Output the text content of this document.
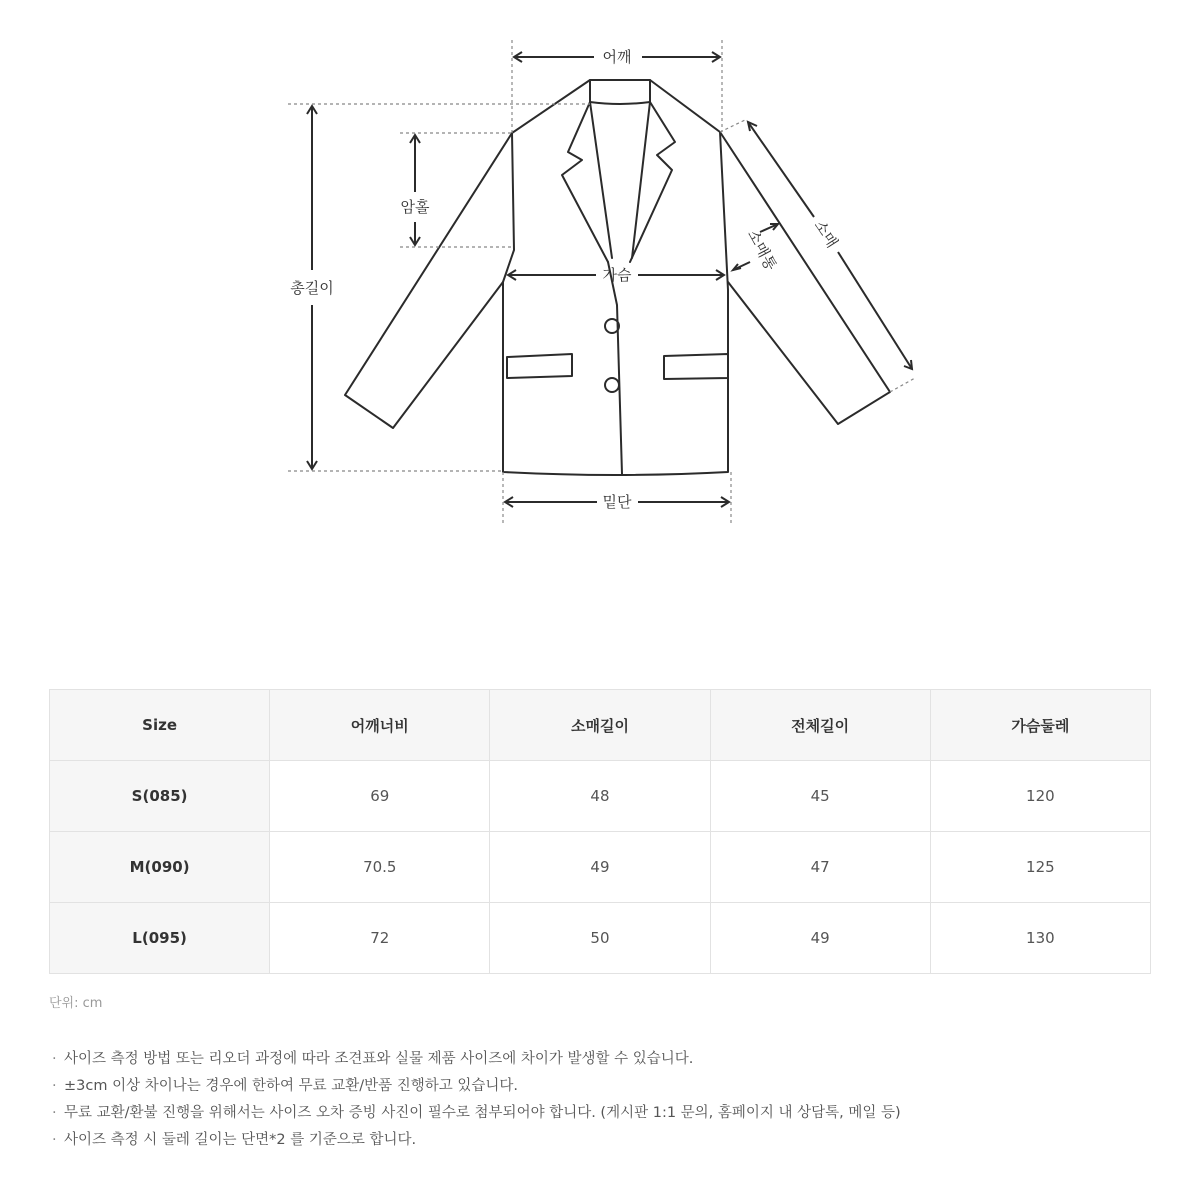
어깨
총길이
암홀
가슴
밑단
소매
소매통
Size	어깨너비	소매길이	전체길이	가슴둘레
S(085)	69	48	45	120
M(090)	70.5	49	47	125
L(095)	72	50	49	130
단위: cm
· 사이즈 측정 방법 또는 리오더 과정에 따라 조견표와 실물 제품 사이즈에 차이가 발생할 수 있습니다.
· ±3cm 이상 차이나는 경우에 한하여 무료 교환/반품 진행하고 있습니다.
· 무료 교환/환불 진행을 위해서는 사이즈 오차 증빙 사진이 필수로 첨부되어야 합니다. (게시판 1:1 문의, 홈페이지 내 상담톡, 메일 등)
· 사이즈 측정 시 둘레 길이는 단면*2 를 기준으로 합니다.
